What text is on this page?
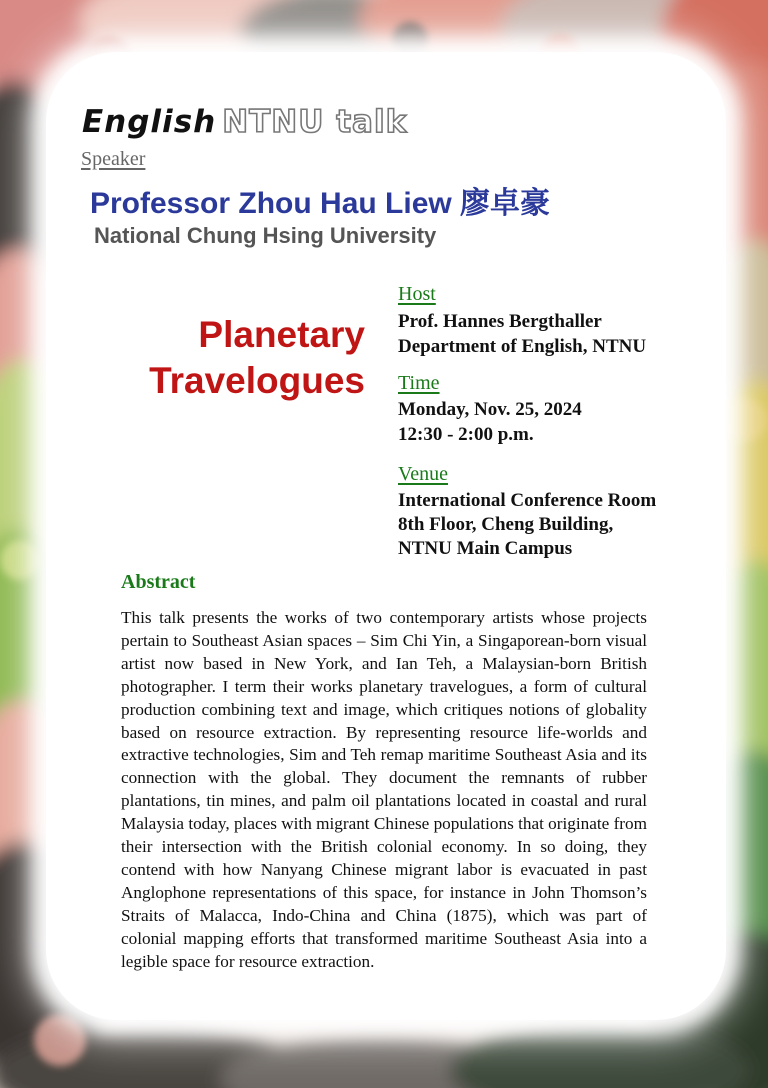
English NTNU talk
Speaker
Professor Zhou Hau Liew 廖卓豪
National Chung Hsing University
Planetary
Travelogues
Host
Prof. Hannes Bergthaller
Department of English, NTNU
Time
Monday, Nov. 25, 2024
12:30 - 2:00 p.m.
Venue
International Conference Room
8th Floor, Cheng Building,
NTNU Main Campus
Abstract
This talk presents the works of two contemporary artists whose projects pertain to Southeast Asian spaces – Sim Chi Yin, a Singaporean-born visual artist now based in New York, and Ian Teh, a Malaysian-born British photographer. I term their works planetary travelogues, a form of cultural production combining text and image, which critiques notions of globality based on resource extraction. By representing resource life-worlds and extractive technologies, Sim and Teh remap maritime Southeast Asia and its connection with the global. They document the remnants of rubber plantations, tin mines, and palm oil plantations located in coastal and rural Malaysia today, places with migrant Chinese populations that originate from their intersection with the British colonial economy. In so doing, they contend with how Nanyang Chinese migrant labor is evacuated in past Anglophone representations of this space, for instance in John Thomson’s Straits of Malacca, Indo-China and China (1875), which was part of colonial mapping efforts that transformed maritime Southeast Asia into a legible space for resource extraction.
